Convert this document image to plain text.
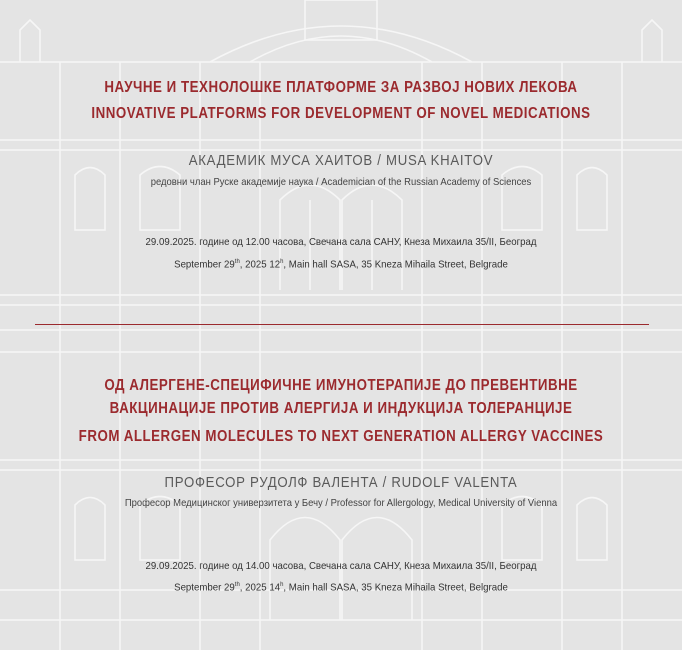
НАУЧНЕ И ТЕХНОЛОШКЕ ПЛАТФОРМЕ ЗА РАЗВОЈ НОВИХ ЛЕКОВА
INNOVATIVE PLATFORMS FOR DEVELOPMENT OF NOVEL MEDICATIONS
АКАДЕМИК МУСА ХАИТОВ / MUSA KHAITOV
редовни члан Руске академије наука / Academician of the Russian Academy of Sciences
29.09.2025. године од 12.00 часова, Свечана сала САНУ, Кнеза Михаила 35/II, Београд
September 29th, 2025 12$^h$, Main hall SASA, 35 Kneza Mihaila Street, Belgrade
ОД АЛЕРГЕНЕ-СПЕЦИФИЧНЕ ИМУНОТЕРАПИЈЕ ДО ПРЕВЕНТИВНЕ
ВАКЦИНАЦИЈЕ ПРОТИВ АЛЕРГИЈА И ИНДУКЦИЈА ТОЛЕРАНЦИЈЕ
FROM ALLERGEN MOLECULES TO NEXT GENERATION ALLERGY VACCINES
ПРОФЕСОР РУДОЛФ ВАЛЕНТА / RUDOLF VALENTA
Професор Медицинског универзитета у Бечу / Professor for Allergology, Medical University of Vienna
29.09.2025. године од 14.00 часова, Свечана сала САНУ, Кнеза Михаила 35/II, Београд
September 29th, 2025 14$^h$, Main hall SASA, 35 Kneza Mihaila Street, Belgrade
